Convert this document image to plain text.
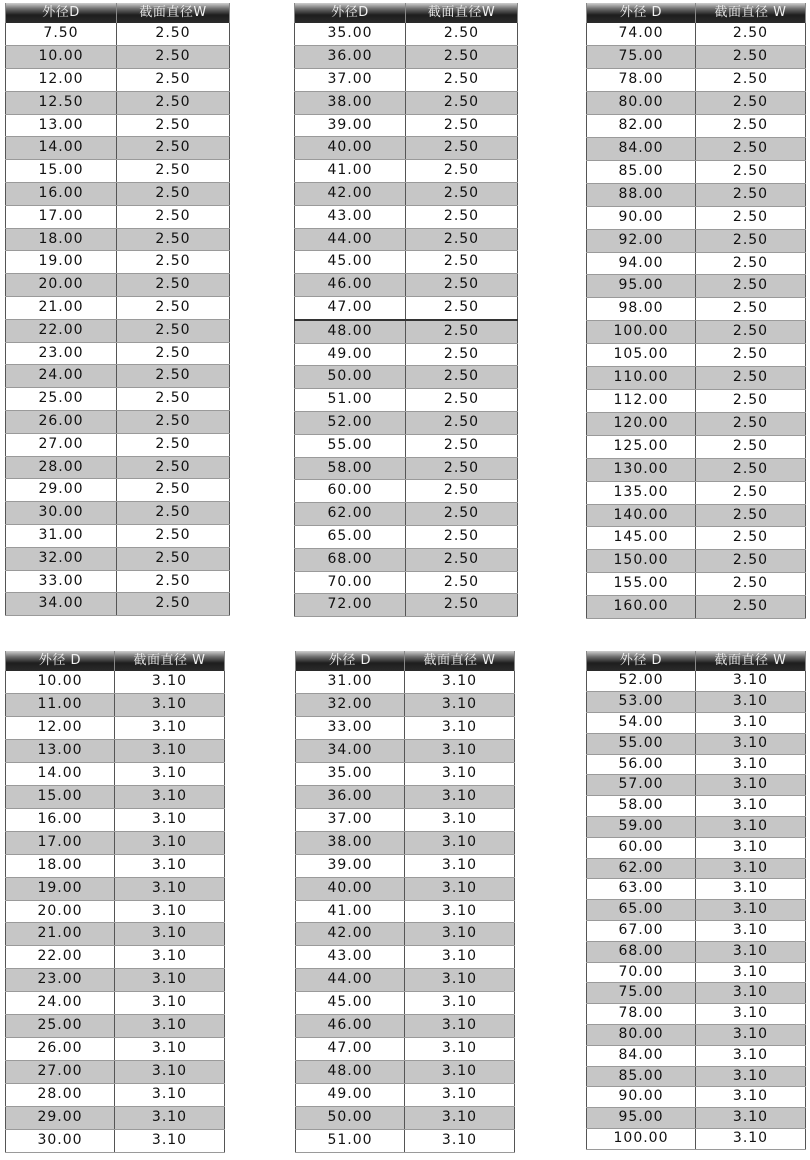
外径D	截面直径W
7.50	2.50
10.00	2.50
12.00	2.50
12.50	2.50
13.00	2.50
14.00	2.50
15.00	2.50
16.00	2.50
17.00	2.50
18.00	2.50
19.00	2.50
20.00	2.50
21.00	2.50
22.00	2.50
23.00	2.50
24.00	2.50
25.00	2.50
26.00	2.50
27.00	2.50
28.00	2.50
29.00	2.50
30.00	2.50
31.00	2.50
32.00	2.50
33.00	2.50
34.00	2.50
外径D	截面直径W
35.00	2.50
36.00	2.50
37.00	2.50
38.00	2.50
39.00	2.50
40.00	2.50
41.00	2.50
42.00	2.50
43.00	2.50
44.00	2.50
45.00	2.50
46.00	2.50
47.00	2.50
48.00	2.50
49.00	2.50
50.00	2.50
51.00	2.50
52.00	2.50
55.00	2.50
58.00	2.50
60.00	2.50
62.00	2.50
65.00	2.50
68.00	2.50
70.00	2.50
72.00	2.50
外径 D	截面直径 W
74.00	2.50
75.00	2.50
78.00	2.50
80.00	2.50
82.00	2.50
84.00	2.50
85.00	2.50
88.00	2.50
90.00	2.50
92.00	2.50
94.00	2.50
95.00	2.50
98.00	2.50
100.00	2.50
105.00	2.50
110.00	2.50
112.00	2.50
120.00	2.50
125.00	2.50
130.00	2.50
135.00	2.50
140.00	2.50
145.00	2.50
150.00	2.50
155.00	2.50
160.00	2.50
外径 D	截面直径 W
10.00	3.10
11.00	3.10
12.00	3.10
13.00	3.10
14.00	3.10
15.00	3.10
16.00	3.10
17.00	3.10
18.00	3.10
19.00	3.10
20.00	3.10
21.00	3.10
22.00	3.10
23.00	3.10
24.00	3.10
25.00	3.10
26.00	3.10
27.00	3.10
28.00	3.10
29.00	3.10
30.00	3.10
外径 D	截面直径 W
31.00	3.10
32.00	3.10
33.00	3.10
34.00	3.10
35.00	3.10
36.00	3.10
37.00	3.10
38.00	3.10
39.00	3.10
40.00	3.10
41.00	3.10
42.00	3.10
43.00	3.10
44.00	3.10
45.00	3.10
46.00	3.10
47.00	3.10
48.00	3.10
49.00	3.10
50.00	3.10
51.00	3.10
外径 D	截面直径 W
52.00	3.10
53.00	3.10
54.00	3.10
55.00	3.10
56.00	3.10
57.00	3.10
58.00	3.10
59.00	3.10
60.00	3.10
62.00	3.10
63.00	3.10
65.00	3.10
67.00	3.10
68.00	3.10
70.00	3.10
75.00	3.10
78.00	3.10
80.00	3.10
84.00	3.10
85.00	3.10
90.00	3.10
95.00	3.10
100.00	3.10
